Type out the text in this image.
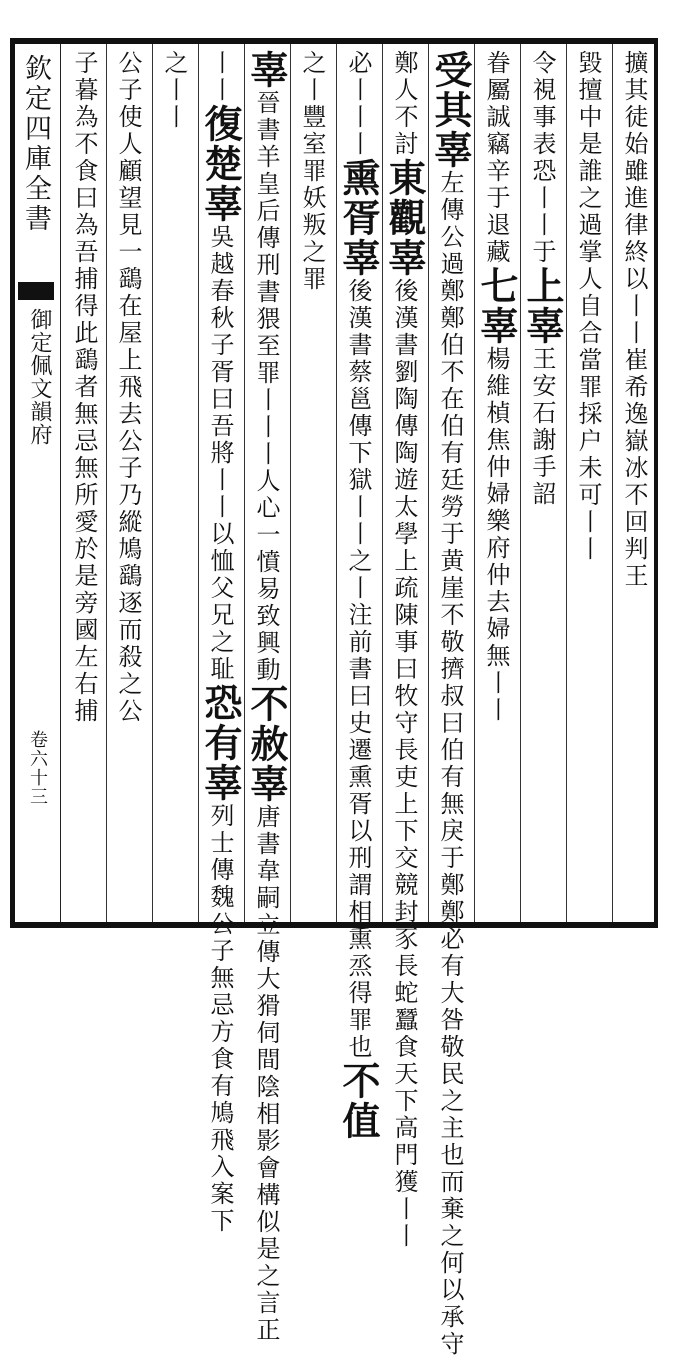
欽定四庫全書
御定佩文韻府
卷六十三
擴其徒始雖進律終以丨丨崔希逸嶽冰不回判王
毀擅中是誰之過掌人自合當罪採户未可丨丨
令視事表恐丨丨于上辜王安石謝手詔
眷屬誠竊辛于退藏七辜楊維楨焦仲婦樂府仲去婦無丨丨
受其辜左傳公過鄭鄭伯不在伯有廷勞于黄崖不敬擠叔曰伯有無戾于鄭鄭必有大咎敬民之主也而棄之何以承守
鄭人不討東觀辜後漢書劉陶傳陶遊太學上疏陳事曰牧守長吏上下交競封豕長蛇蠶食天下高門獲丨丨
必丨丨丨熏胥辜後漢書蔡邕傳下獄丨丨之丨注前書曰史遷熏胥以刑謂相熏烝得罪也不值
之丨豐室罪妖叛之罪
辜晉書羊皇后傳刑書猥至罪丨丨丨人心一憤易致興動不赦辜唐書韋嗣立傳大猾伺間陰相影會構似是之言正
丨丨復楚辜吳越春秋子胥曰吾將丨丨以恤父兄之耻恐有辜列士傳魏公子無忌方食有鳩飛入案下
之丨丨
公子使人顧望見一鷂在屋上飛去公子乃縱鳩鷂逐而殺之公
子暮為不食曰為吾捕得此鷂者無忌無所愛於是旁國左右捕
